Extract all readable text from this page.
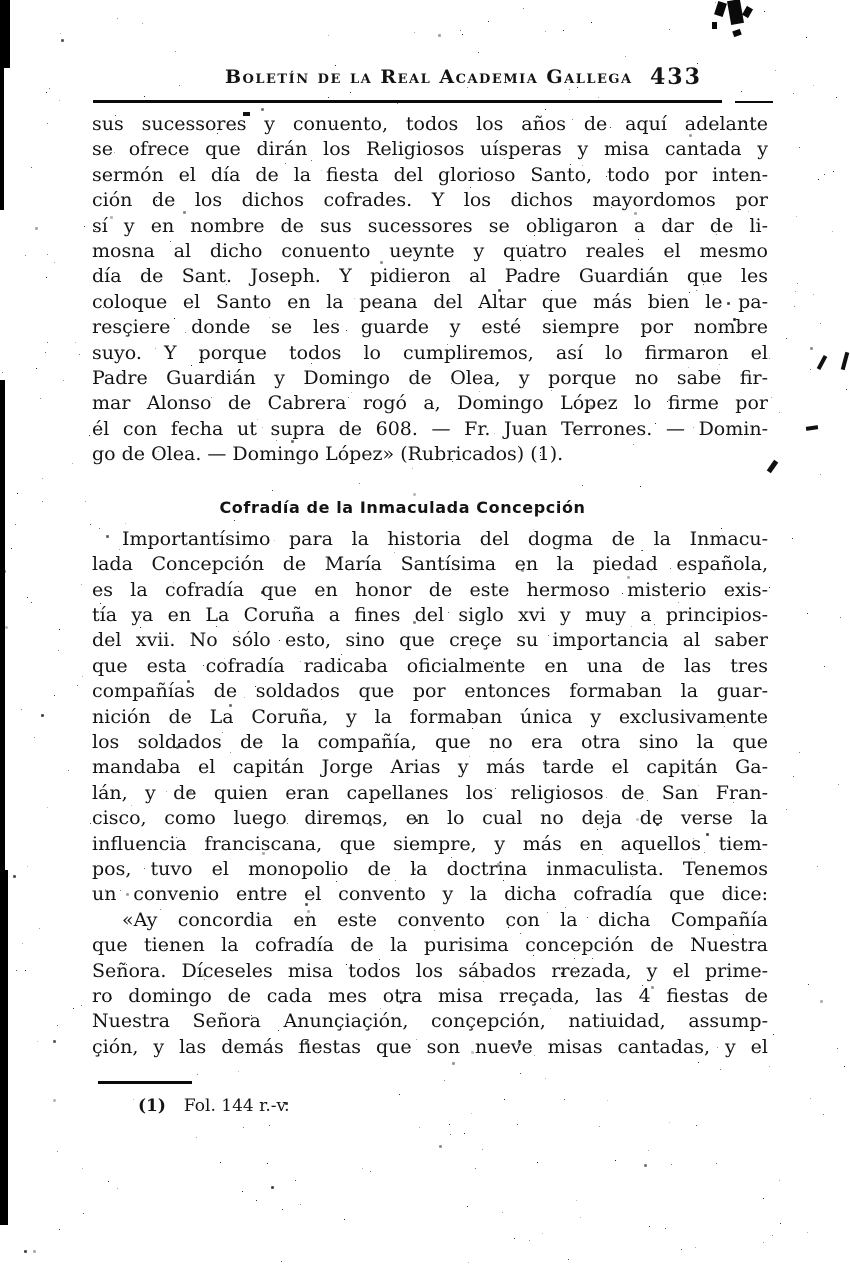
Boletín de la Real Academia Gallega 433
sus sucessores y conuento, todos los años de aquí adelante
se ofrece que dirán los Religiosos uísperas y misa cantada y
sermón el día de la fiesta del glorioso Santo, todo por inten-
ción de los dichos cofrades. Y los dichos mayordomos por
sí y en nombre de sus sucessores se obligaron a dar de li-
mosna al dicho conuento ueynte y quatro reales el mesmo
día de Sant. Joseph. Y pidieron al Padre Guardián que les
coloque el Santo en la peana del Altar que más bien le pa-
resçiere donde se les guarde y esté siempre por nombre
suyo. Y porque todos lo cumpliremos, así lo firmaron el
Padre Guardián y Domingo de Olea, y porque no sabe fir-
mar Alonso de Cabrera rogó a, Domingo López lo firme por
él con fecha ut supra de 608. — Fr. Juan Terrones. — Domin-
go de Olea. — Domingo López» (Rubricados) (1).
Cofradía de la Inmaculada Concepción
Importantísimo para la historia del dogma de la Inmacu-
lada Concepción de María Santísima en la piedad española,
es la cofradía que en honor de este hermoso misterio exis-
tía ya en La Coruña a fines del siglo xvi y muy a principios-
del xvii. No sólo esto, sino que creçe su importancia al saber
que esta cofradía radicaba oficialmente en una de las tres
compañías de soldados que por entonces formaban la guar-
nición de La Coruña, y la formaban única y exclusivamente
los soldados de la compañía, que no era otra sino la que
mandaba el capitán Jorge Arias y más tarde el capitán Ga-
lán, y de quien eran capellanes los religiosos de San Fran-
cisco, como luego diremos, en lo cual no deja de verse la
influencia franciscana, que siempre, y más en aquellos tiem-
pos, tuvo el monopolio de la doctrina inmaculista. Tenemos
un convenio entre el convento y la dicha cofradía que dice:
«Ay concordia en este convento con la dicha Compañía
que tienen la cofradía de la purisima concepción de Nuestra
Señora. Díceseles misa todos los sábados rrezada, y el prime-
ro domingo de cada mes otra misa rreçada, las 4 fiestas de
Nuestra Señora Anunçiaçión, conçepción, natiuidad, assump-
çión, y las demás fiestas que son nueve misas cantadas, y el
(1) Fol. 144 r.-v.
